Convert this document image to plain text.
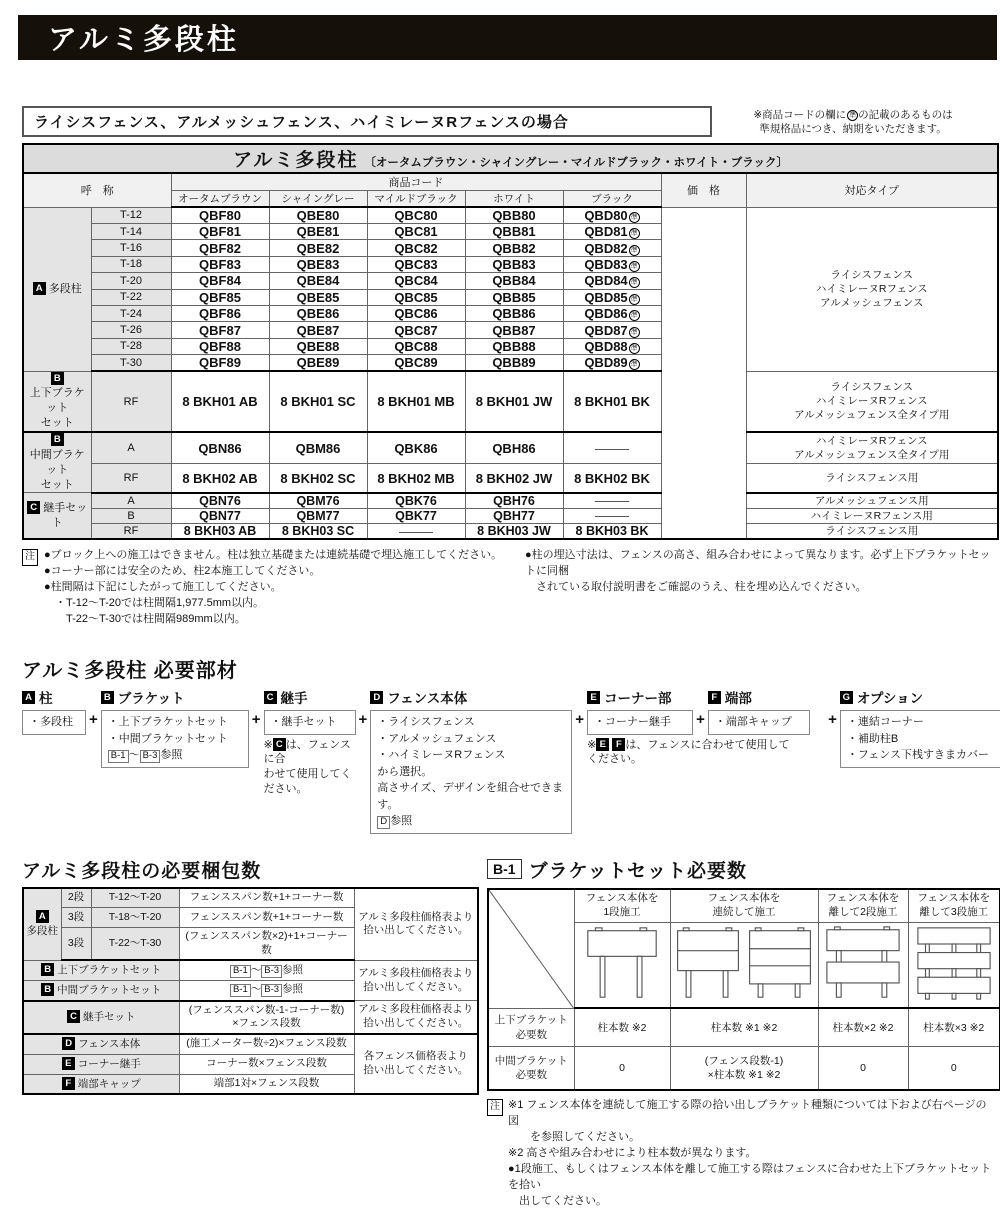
アルミ多段柱
ライシスフェンス、アルメッシュフェンス、ハイミレーヌRフェンスの場合	※商品コードの欄に 準 の記載のあるものは
準規格品につき、納期をいただきます。
アルミ多段柱 〔オータムブラウン・シャイングレー・マイルドブラック・ホワイト・ブラック〕								
呼　称		商品コード					価　格	対応タイプ
		オータムブラウン	シャイングレー	マイルドブラック	ホワイト	ブラック		
A 多段柱	T-12	QBF80	QBE80	QBC80	QBB80	QBD80 準		ライシスフェンス
ハイミレーヌRフェンス
アルメッシュフェンス
	T-14	QBF81	QBE81	QBC81	QBB81	QBD81 準		
	T-16	QBF82	QBE82	QBC82	QBB82	QBD82 準		
	T-18	QBF83	QBE83	QBC83	QBB83	QBD83 準		
	T-20	QBF84	QBE84	QBC84	QBB84	QBD84 準		
	T-22	QBF85	QBE85	QBC85	QBB85	QBD85 準		
	T-24	QBF86	QBE86	QBC86	QBB86	QBD86 準		
	T-26	QBF87	QBE87	QBC87	QBB87	QBD87 準		
	T-28	QBF88	QBE88	QBC88	QBB88	QBD88 準		
	T-30	QBF89	QBE89	QBC89	QBB89	QBD89 準		
B
上下ブラケット
セット	RF	8 BKH01 AB	8 BKH01 SC	8 BKH01 MB	8 BKH01 JW	8 BKH01 BK		ライシスフェンス
ハイミレーヌRフェンス
アルメッシュフェンス全タイプ用
B
中間ブラケット
セット	A	QBN86	QBM86	QBK86	QBH86			ハイミレーヌRフェンス
アルメッシュフェンス全タイプ用
	RF	8 BKH02 AB	8 BKH02 SC	8 BKH02 MB	8 BKH02 JW	8 BKH02 BK		ライシスフェンス用
C 継手セット	A	QBN76	QBM76	QBK76	QBH76			アルメッシュフェンス用
	B	QBN77	QBM77	QBK77	QBH77			ハイミレーヌRフェンス用
	RF	8 BKH03 AB	8 BKH03 SC		8 BKH03 JW	8 BKH03 BK		ライシスフェンス用
注 ●ブロック上への施工はできません。柱は独立基礎または連続基礎で埋込施工してください。
●コーナー部には安全のため、柱2本施工してください。
●柱間隔は下記にしたがって施工してください。
　・T-12〜T-20では柱間隔1,977.5mm以内。
　　T-22〜T-30では柱間隔989mm以内。
●柱の埋込寸法は、フェンスの高さ、組み合わせによって異なります。必ず上下ブラケットセットに同梱
　されている取付説明書をご確認のうえ、柱を埋め込んでください。
アルミ多段柱 必要部材
A 柱
・多段柱	+
B ブラケット
・上下ブラケットセット
・中間ブラケットセット
B-1 〜 B-3 参照
+
C 継手
・継手セット
※ C は、フェンスに合
わせて使用してく
ださい。
+
D フェンス本体
・ライシスフェンス
・アルメッシュフェンス
・ハイミレーヌRフェンス
から選択。
高さサイズ、デザインを組合せできます。
D 参照
+
E コーナー部
・コーナー継手	+
F 端部
・端部キャップ
※ E F は、フェンスに合わせて使用して
ください。
+
G オプション
・連結コーナー
・補助柱B
・フェンス下桟すきまカバー
アルミ多段柱の必要梱包数
A
多段柱	2段	T-12〜T-20	フェンススパン数+1+コーナー数	アルミ多段柱価格表より
拾い出してください。
	3段	T-18〜T-20	フェンススパン数+1+コーナー数	
	3段	T-22〜T-30	(フェンススパン数×2)+1+コーナー数	
B 上下ブラケットセット			B-1 〜 B-3 参照	アルミ多段柱価格表より
拾い出してください。
B 中間ブラケットセット			B-1 〜 B-3 参照	
C 継手セット			(フェンススパン数-1-コーナー数)
×フェンス段数	アルミ多段柱価格表より
拾い出してください。
D フェンス本体			(施工メーター数÷2)×フェンス段数	各フェンス価格表より
拾い出してください。
E コーナー継手			コーナー数×フェンス段数	
F 端部キャップ			端部1対×フェンス段数	
B-1 ブラケットセット必要数
	フェンス本体を
1段施工	フェンス本体を
連続して施工	フェンス本体を
離して2段施工	フェンス本体を
離して3段施工

上下ブラケット
必要数	柱本数 ※2	柱本数 ※1 ※2	柱本数×2 ※2	柱本数×3 ※2
中間ブラケット
必要数	0	(フェンス段数-1)
×柱本数 ※1 ※2	0	0
注 ※1 フェンス本体を連続して施工する際の拾い出しブラケット種類については下および右ページの図
　　を参照してください。
※2 高さや組み合わせにより柱本数が異なります。
●1段施工、もしくはフェンス本体を離して施工する際はフェンスに合わせた上下ブラケットセットを拾い
　出してください。
